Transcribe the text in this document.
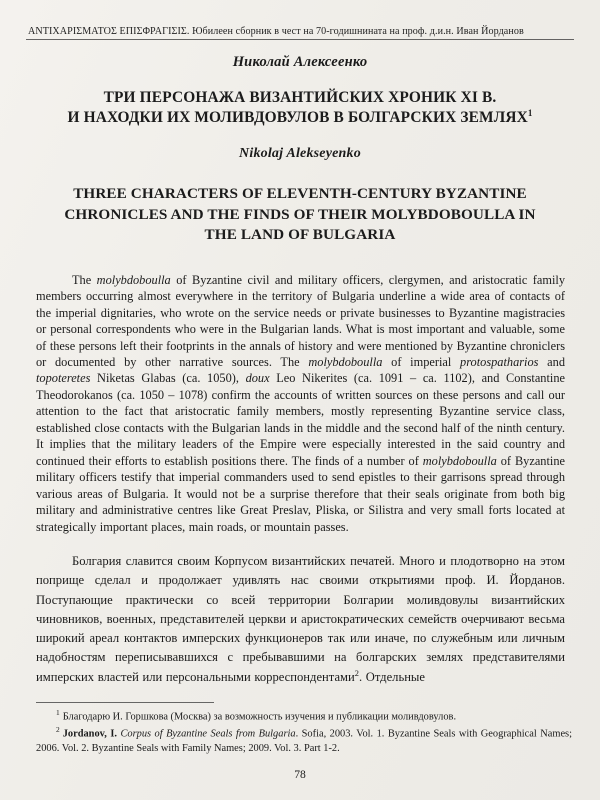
ΑΝΤΙΧΑΡΙΣΜΑΤΟΣ ΕΠΙΣΦΡΑΓΙΣΙΣ. Юбилеен сборник в чест на 70-годишнината на проф. д.и.н. Иван Йорданов
Николай Алексеенко
ТРИ ПЕРСОНАЖА ВИЗАНТИЙСКИХ ХРОНИК XI В.
И НАХОДКИ ИХ МОЛИВДОВУЛОВ В БОЛГАРСКИХ ЗЕМЛЯХ$^1$
Nikolaj Alekseyenko
THREE CHARACTERS OF ELEVENTH-CENTURY BYZANTINE
CHRONICLES AND THE FINDS OF THEIR MOLYBDOBOULLA IN
THE LAND OF BULGARIA
The molybdoboulla of Byzantine civil and military officers, clergymen, and aristocratic family members occurring almost everywhere in the territory of Bulgaria underline a wide area of contacts of the imperial dignitaries, who wrote on the service needs or private businesses to Byzantine magistracies or personal correspondents who were in the Bulgarian lands. What is most important and valuable, some of these persons left their footprints in the annals of history and were mentioned by Byzantine chroniclers or documented by other narrative sources. The molybdoboulla of imperial protospatharios and topoteretes Niketas Glabas (ca. 1050), doux Leo Nikerites (ca. 1091 – ca. 1102), and Constantine Theodorokanos (ca. 1050 – 1078) confirm the accounts of written sources on these persons and call our attention to the fact that aristocratic family members, mostly representing Byzantine service class, established close contacts with the Bulgarian lands in the middle and the second half of the ninth century. It implies that the military leaders of the Empire were especially interested in the said country and continued their efforts to establish positions there. The finds of a number of molybdoboulla of Byzantine military officers testify that imperial commanders used to send epistles to their garrisons spread through various areas of Bulgaria. It would not be a surprise therefore that their seals originate from both big military and administrative centres like Great Preslav, Pliska, or Silistra and very small forts located at strategically important places, main roads, or mountain passes.
Болгария славится своим Корпусом византийских печатей. Много и плодотворно на этом поприще сделал и продолжает удивлять нас своими открытиями проф. И. Йорданов. Поступающие практически со всей территории Болгарии моливдовулы византийских чиновников, военных, представителей церкви и аристократических семейств очерчивают весьма широкий ареал контактов имперских функционеров так или иначе, по служебным или личным надобностям переписывавшихся с пребывавшими на болгарских землях представителями имперских властей или персональными корреспондентами$^2$. Отдельные
$^1$ Благодарю И. Горшкова (Москва) за возможность изучения и публикации моливдовулов.
$^2$ Jordanov, I. Corpus of Byzantine Seals from Bulgaria. Sofia, 2003. Vol. 1. Byzantine Seals with Geographical Names; 2006. Vol. 2. Byzantine Seals with Family Names; 2009. Vol. 3. Part 1-2.
78
